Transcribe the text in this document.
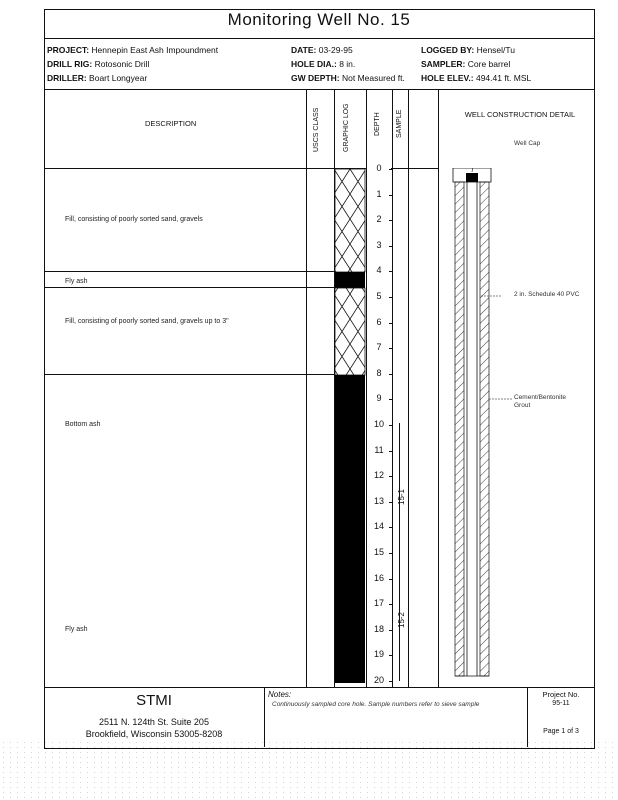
Monitoring Well No. 15
PROJECT: Hennepin East Ash Impoundment
DRILL RIG: Rotosonic Drill
DRILLER: Boart Longyear
DATE: 03-29-95
HOLE DIA.: 8 in.
GW DEPTH: Not Measured ft.
LOGGED BY: Hensel/Tu
SAMPLER: Core barrel
HOLE ELEV.: 494.41 ft. MSL
DESCRIPTION	USCS CLASS	GRAPHIC LOG	DEPTH SAMPLE	WELL CONSTRUCTION DETAIL
Fill, consisting of poorly sorted sand, gravels
Fly ash
Fill, consisting of poorly sorted sand, gravels up to 3"
Bottom ash
Fly ash
0
1
2
3
4
5
6
7
8
9
10
11
12
13
14
15
16
17
18
19
20
15-1
15-2
Well Cap
2 in. Schedule 40 PVC
Cement/Bentonite Grout
STMI
2511 N. 124th St. Suite 205
Brookfield, Wisconsin 53005-8208
Notes:
Continuously sampled core hole. Sample numbers refer to sieve sample
Project No.
95-11
Page 1 of 3
